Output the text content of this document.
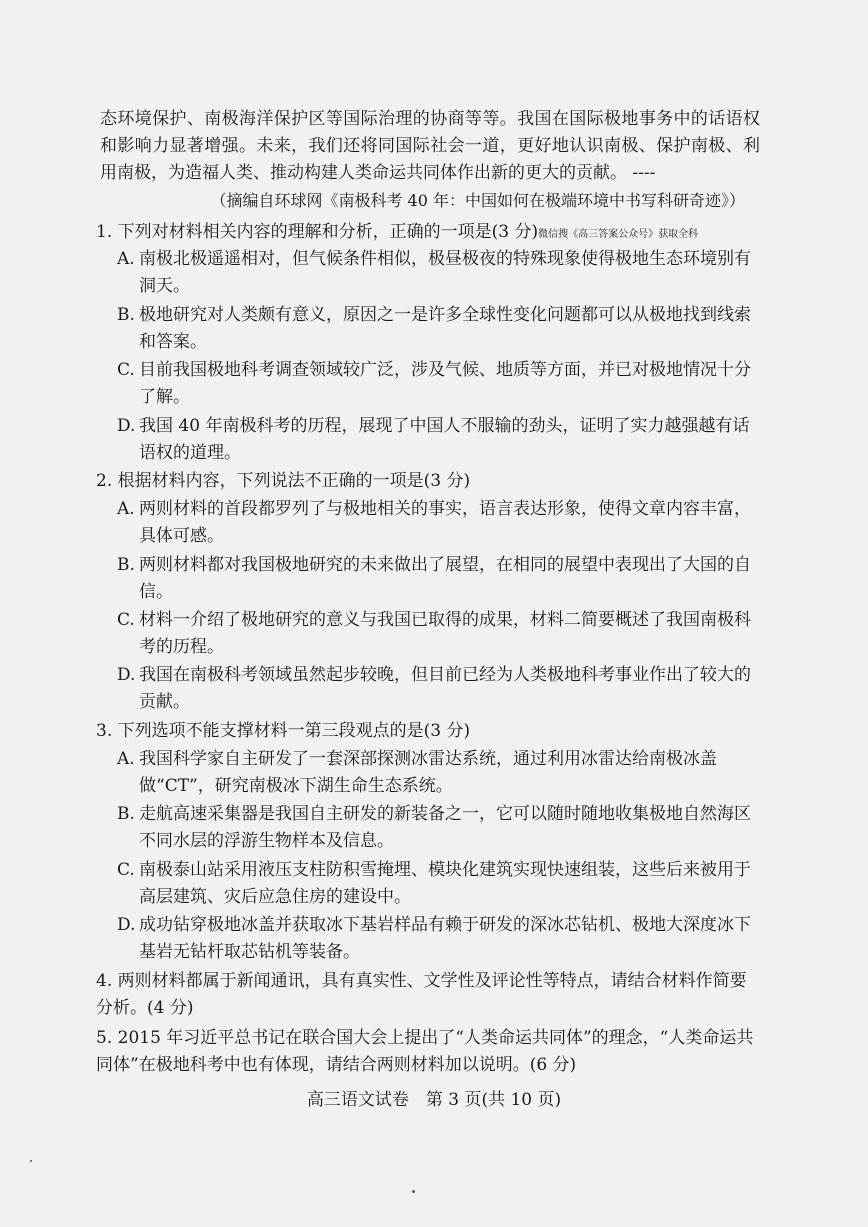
态环境保护、南极海洋保护区等国际治理的协商等等。我国在国际极地事务中的话语权和影响力显著增强。未来，我们还将同国际社会一道，更好地认识南极、保护南极、利用南极，为造福人类、推动构建人类命运共同体作出新的更大的贡献。 ----
（摘编自环球网《南极科考 40 年：中国如何在极端环境中书写科研奇迹》）
1. 下列对材料相关内容的理解和分析，正确的一项是(3 分)微信搜《高三答案公众号》获取全科
A. 南极北极遥遥相对，但气候条件相似，极昼极夜的特殊现象使得极地生态环境别有洞天。
B. 极地研究对人类颇有意义，原因之一是许多全球性变化问题都可以从极地找到线索和答案。
C. 目前我国极地科考调查领域较广泛，涉及气候、地质等方面，并已对极地情况十分了解。
D. 我国 40 年南极科考的历程，展现了中国人不服输的劲头，证明了实力越强越有话语权的道理。
2. 根据材料内容，下列说法不正确的一项是(3 分)
A. 两则材料的首段都罗列了与极地相关的事实，语言表达形象，使得文章内容丰富，具体可感。
B. 两则材料都对我国极地研究的未来做出了展望，在相同的展望中表现出了大国的自信。
C. 材料一介绍了极地研究的意义与我国已取得的成果，材料二简要概述了我国南极科考的历程。
D. 我国在南极科考领域虽然起步较晚，但目前已经为人类极地科考事业作出了较大的贡献。
3. 下列选项不能支撑材料一第三段观点的是(3 分)
A. 我国科学家自主研发了一套深部探测冰雷达系统，通过利用冰雷达给南极冰盖做“CT”，研究南极冰下湖生命生态系统。
B. 走航高速采集器是我国自主研发的新装备之一，它可以随时随地收集极地自然海区不同水层的浮游生物样本及信息。
C. 南极泰山站采用液压支柱防积雪掩埋、模块化建筑实现快速组装，这些后来被用于高层建筑、灾后应急住房的建设中。
D. 成功钻穿极地冰盖并获取冰下基岩样品有赖于研发的深冰芯钻机、极地大深度冰下基岩无钻杆取芯钻机等装备。
4. 两则材料都属于新闻通讯，具有真实性、文学性及评论性等特点，请结合材料作简要分析。(4 分)
5. 2015 年习近平总书记在联合国大会上提出了“人类命运共同体”的理念，“人类命运共同体”在极地科考中也有体现，请结合两则材料加以说明。(6 分)
高三语文试卷　第 3 页(共 10 页)
